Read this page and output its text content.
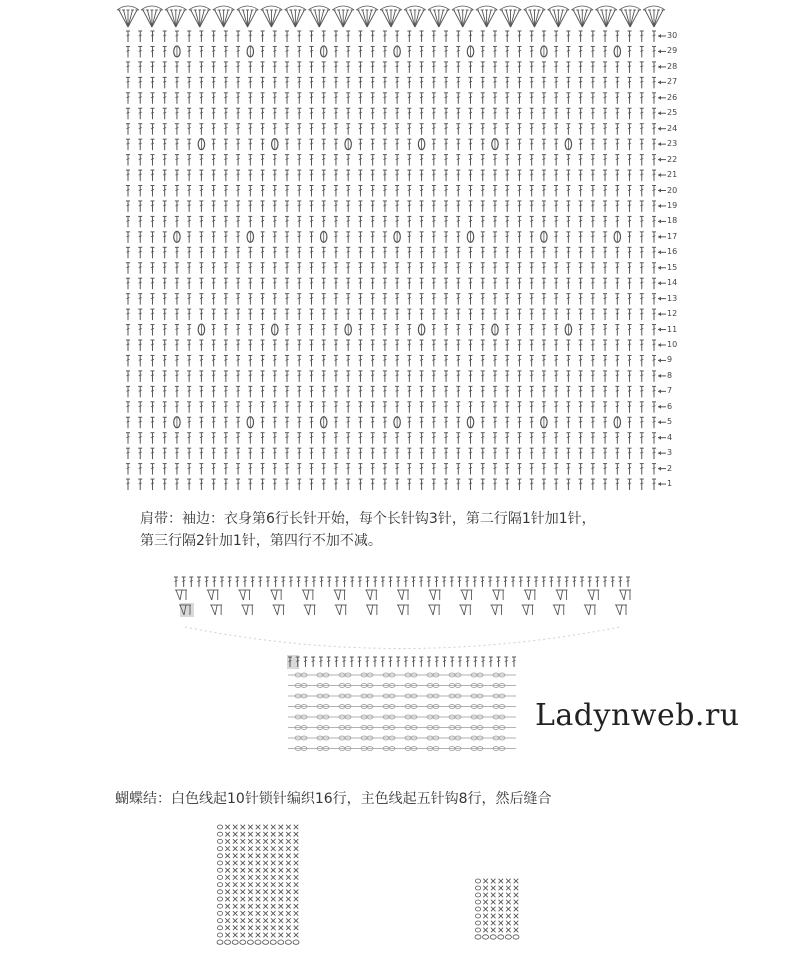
1
2
3
4
5
6
7
8
9
10
11
12
13
14
15
16
17
18
19
20
21
22
23
24
25
26
27
28
29
30
肩带：袖边：衣身第6行长针开始，每个长针钩3针，第二行隔1针加1针，
第三行隔2针加1针，第四行不加不减。
Ladynweb.ru
蝴蝶结：白色线起10针锁针编织16行，主色线起五针钩8行，然后缝合
